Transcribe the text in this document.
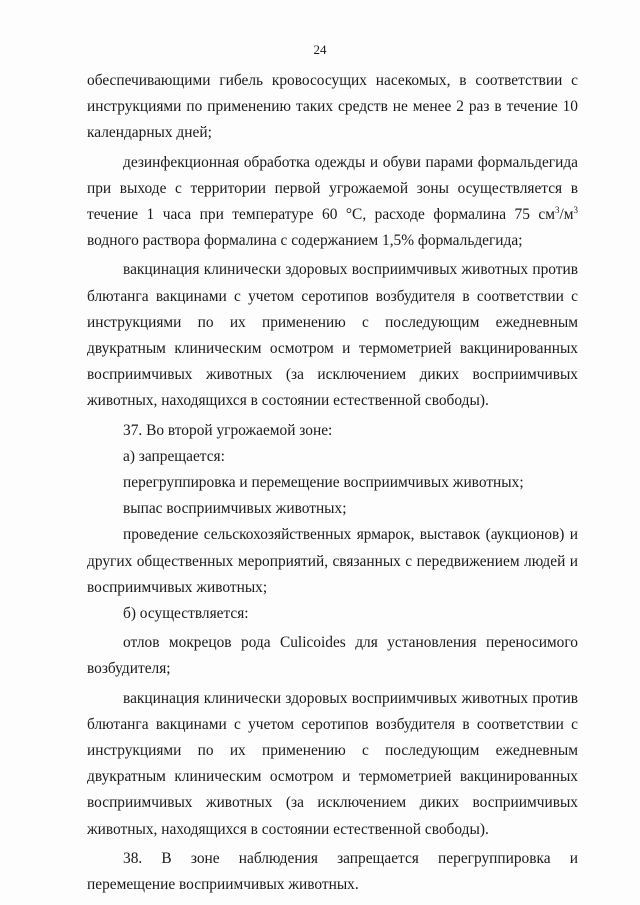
24

обеспечивающими гибель кровососущих насекомых, в соответствии с инструкциями по применению таких средств не менее 2 раз в течение 10 календарных дней;

дезинфекционная обработка одежды и обуви парами формальдегида при выходе с территории первой угрожаемой зоны осуществляется в течение 1 часа при температуре 60 °C, расходе формалина 75 $см^3/м^3$ водного раствора формалина с содержанием 1,5% формальдегида;

вакцинация клинически здоровых восприимчивых животных против блютанга вакцинами с учетом серотипов возбудителя в соответствии с инструкциями по их применению с последующим ежедневным двукратным клиническим осмотром и термометрией вакцинированных восприимчивых животных (за исключением диких восприимчивых животных, находящихся в состоянии естественной свободы).

37. Во второй угрожаемой зоне:

а) запрещается:

перегруппировка и перемещение восприимчивых животных;

выпас восприимчивых животных;

проведение сельскохозяйственных ярмарок, выставок (аукционов) и других общественных мероприятий, связанных с передвижением людей и восприимчивых животных;

б) осуществляется:

отлов мокрецов рода Culicoides для установления переносимого возбудителя;

вакцинация клинически здоровых восприимчивых животных против блютанга вакцинами с учетом серотипов возбудителя в соответствии с инструкциями по их применению с последующим ежедневным двукратным клиническим осмотром и термометрией вакцинированных восприимчивых животных (за исключением диких восприимчивых животных, находящихся в состоянии естественной свободы).

38. В зоне наблюдения запрещается перегруппировка и перемещение восприимчивых животных.
